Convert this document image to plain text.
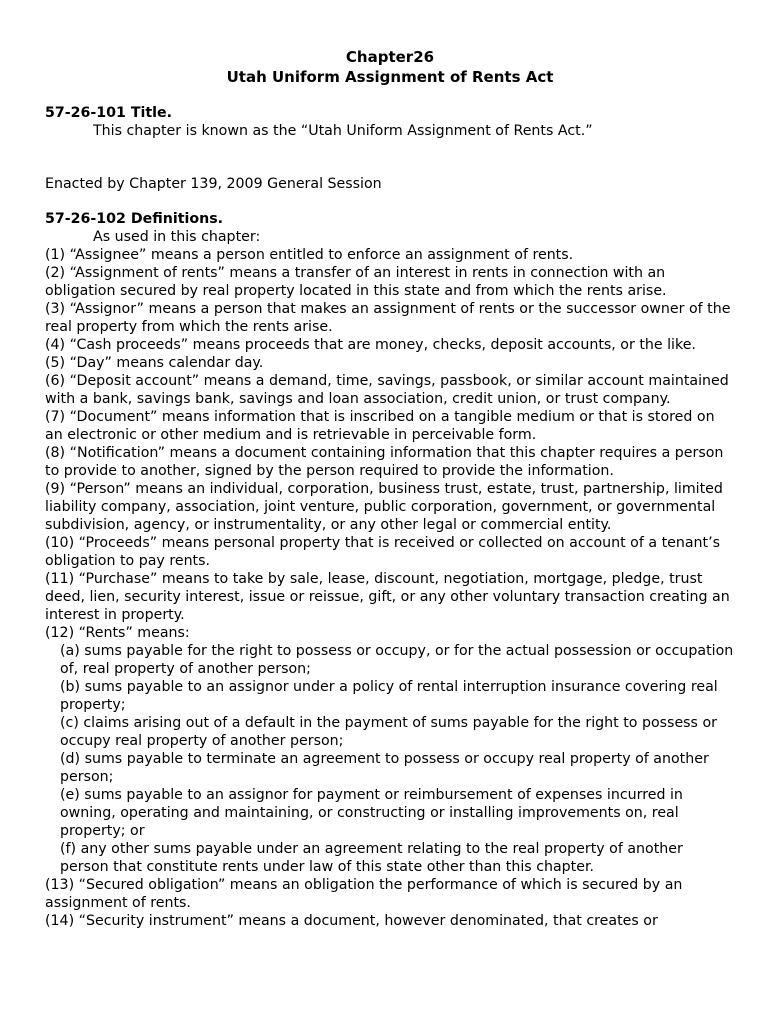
Chapter26
Utah Uniform Assignment of Rents Act
57-26-101 Title.
This chapter is known as the “Utah Uniform Assignment of Rents Act.”
Enacted by Chapter 139, 2009 General Session
57-26-102 Definitions.
As used in this chapter:
(1) “Assignee” means a person entitled to enforce an assignment of rents.
(2) “Assignment of rents” means a transfer of an interest in rents in connection with an obligation secured by real property located in this state and from which the rents arise.
(3) “Assignor” means a person that makes an assignment of rents or the successor owner of the real property from which the rents arise.
(4) “Cash proceeds” means proceeds that are money, checks, deposit accounts, or the like.
(5) “Day” means calendar day.
(6) “Deposit account” means a demand, time, savings, passbook, or similar account maintained with a bank, savings bank, savings and loan association, credit union, or trust company.
(7) “Document” means information that is inscribed on a tangible medium or that is stored on an electronic or other medium and is retrievable in perceivable form.
(8) “Notification” means a document containing information that this chapter requires a person to provide to another, signed by the person required to provide the information.
(9) “Person” means an individual, corporation, business trust, estate, trust, partnership, limited liability company, association, joint venture, public corporation, government, or governmental subdivision, agency, or instrumentality, or any other legal or commercial entity.
(10) “Proceeds” means personal property that is received or collected on account of a tenant’s obligation to pay rents.
(11) “Purchase” means to take by sale, lease, discount, negotiation, mortgage, pledge, trust deed, lien, security interest, issue or reissue, gift, or any other voluntary transaction creating an interest in property.
(12) “Rents” means:
(a) sums payable for the right to possess or occupy, or for the actual possession or occupation of, real property of another person;
(b) sums payable to an assignor under a policy of rental interruption insurance covering real property;
(c) claims arising out of a default in the payment of sums payable for the right to possess or occupy real property of another person;
(d) sums payable to terminate an agreement to possess or occupy real property of another person;
(e) sums payable to an assignor for payment or reimbursement of expenses incurred in owning, operating and maintaining, or constructing or installing improvements on, real property; or
(f) any other sums payable under an agreement relating to the real property of another person that constitute rents under law of this state other than this chapter.
(13) “Secured obligation” means an obligation the performance of which is secured by an assignment of rents.
(14) “Security instrument” means a document, however denominated, that creates or
